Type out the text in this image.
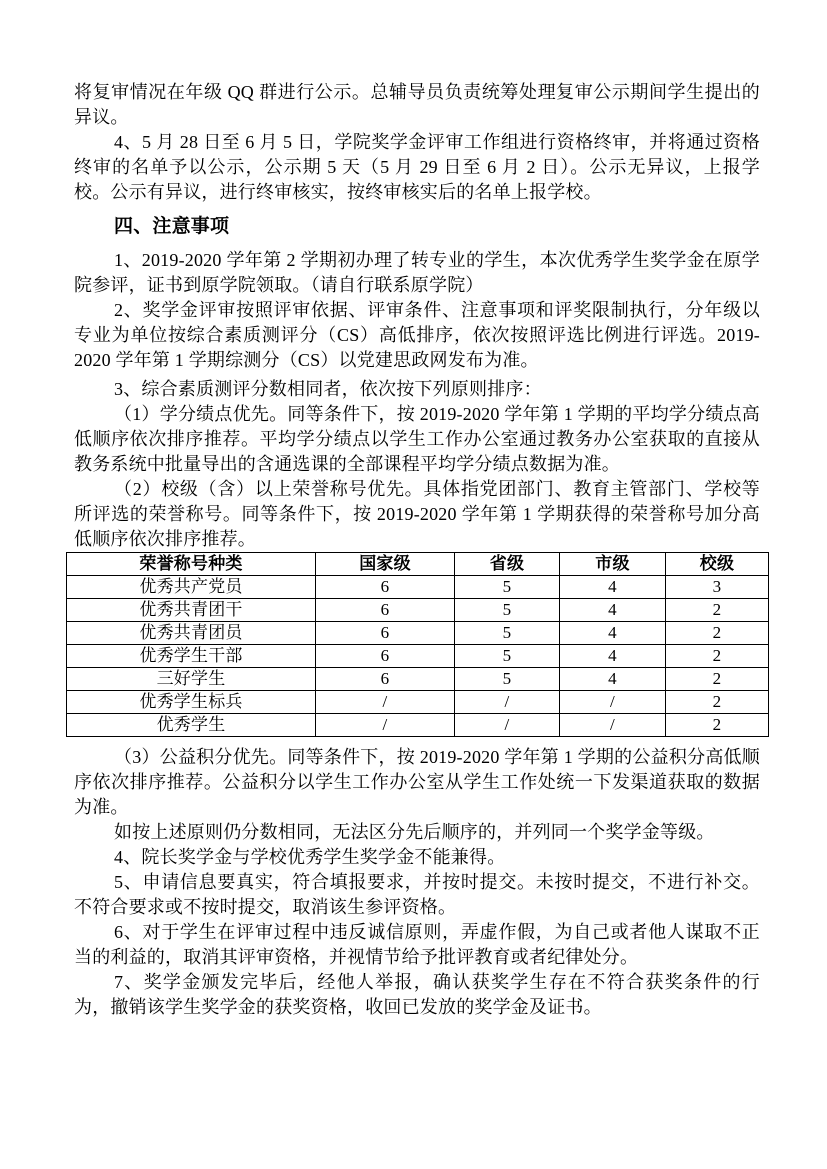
将复审情况在年级 QQ 群进行公示。总辅导员负责统筹处理复审公示期间学生提出的异议。

4、5 月 28 日至 6 月 5 日，学院奖学金评审工作组进行资格终审，并将通过资格终审的名单予以公示，公示期 5 天（5 月 29 日至 6 月 2 日）。公示无异议，上报学校。公示有异议，进行终审核实，按终审核实后的名单上报学校。

四、注意事项

1、2019-2020 学年第 2 学期初办理了转专业的学生，本次优秀学生奖学金在原学院参评，证书到原学院领取。（请自行联系原学院）

2、奖学金评审按照评审依据、评审条件、注意事项和评奖限制执行，分年级以专业为单位按综合素质测评分（CS）高低排序，依次按照评选比例进行评选。2019-2020 学年第 1 学期综测分（CS）以党建思政网发布为准。

3、综合素质测评分数相同者，依次按下列原则排序：

（1）学分绩点优先。同等条件下，按 2019-2020 学年第 1 学期的平均学分绩点高低顺序依次排序推荐。平均学分绩点以学生工作办公室通过教务办公室获取的直接从教务系统中批量导出的含通选课的全部课程平均学分绩点数据为准。

（2）校级（含）以上荣誉称号优先。具体指党团部门、教育主管部门、学校等所评选的荣誉称号。同等条件下，按 2019-2020 学年第 1 学期获得的荣誉称号加分高低顺序依次排序推荐。

荣誉称号种类	国家级	省级	市级	校级
优秀共产党员	6	5	4	3
优秀共青团干	6	5	4	2
优秀共青团员	6	5	4	2
优秀学生干部	6	5	4	2
三好学生	6	5	4	2
优秀学生标兵	/	/	/	2
优秀学生	/	/	/	2

（3）公益积分优先。同等条件下，按 2019-2020 学年第 1 学期的公益积分高低顺序依次排序推荐。公益积分以学生工作办公室从学生工作处统一下发渠道获取的数据为准。

如按上述原则仍分数相同，无法区分先后顺序的，并列同一个奖学金等级。

4、院长奖学金与学校优秀学生奖学金不能兼得。

5、申请信息要真实，符合填报要求，并按时提交。未按时提交，不进行补交。不符合要求或不按时提交，取消该生参评资格。

6、对于学生在评审过程中违反诚信原则，弄虚作假，为自己或者他人谋取不正当的利益的，取消其评审资格，并视情节给予批评教育或者纪律处分。

7、奖学金颁发完毕后，经他人举报，确认获奖学生存在不符合获奖条件的行为，撤销该学生奖学金的获奖资格，收回已发放的奖学金及证书。
